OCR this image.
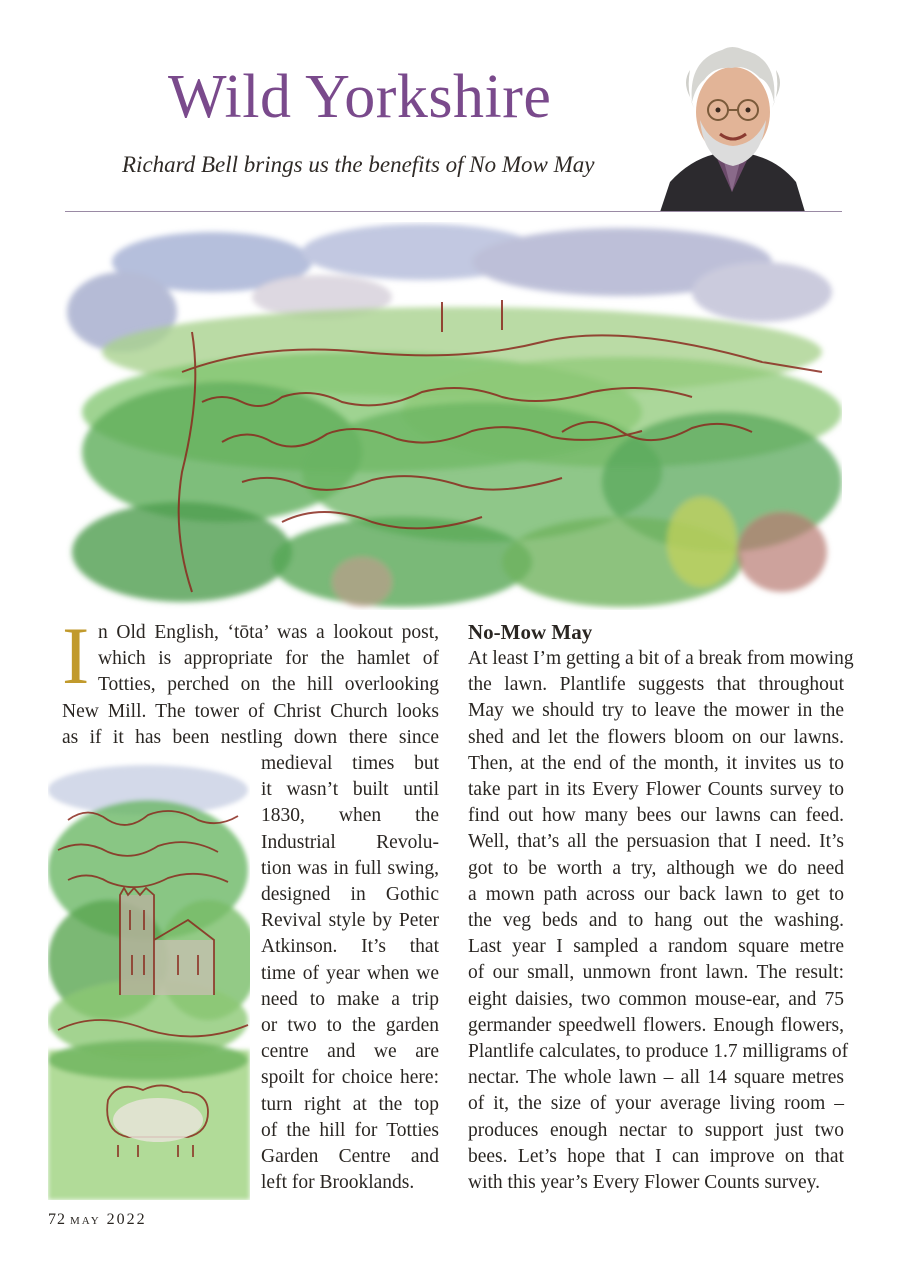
Wild Yorkshire

Richard Bell brings us the benefits of No Mow May

I n Old English, ‘tōta’ was a lookout post,
which is appropriate for the hamlet of
Totties, perched on the hill overlooking
New Mill. The tower of Christ Church looks
as if it has been nestling down there since
medieval times but
it wasn’t built until
1830, when the
Industrial Revolu-
tion was in full swing,
designed in Gothic
Revival style by Peter
Atkinson. It’s that
time of year when we
need to make a trip
or two to the garden
centre and we are
spoilt for choice here:
turn right at the top
of the hill for Totties
Garden Centre and
left for Brooklands.
No-Mow May
At least I’m getting a bit of a break from mowing
the lawn. Plantlife suggests that throughout
May we should try to leave the mower in the
shed and let the flowers bloom on our lawns.
Then, at the end of the month, it invites us to
take part in its Every Flower Counts survey to
find out how many bees our lawns can feed.
Well, that’s all the persuasion that I need. It’s
got to be worth a try, although we do need
a mown path across our back lawn to get to
the veg beds and to hang out the washing.
Last year I sampled a random square metre
of our small, unmown front lawn. The result:
eight daisies, two common mouse-ear, and 75
germander speedwell flowers. Enough flowers,
Plantlife calculates, to produce 1.7 milligrams of
nectar. The whole lawn – all 14 square metres
of it, the size of your average living room –
produces enough nectar to support just two
bees. Let’s hope that I can improve on that
with this year’s Every Flower Counts survey.
72 may 2022
